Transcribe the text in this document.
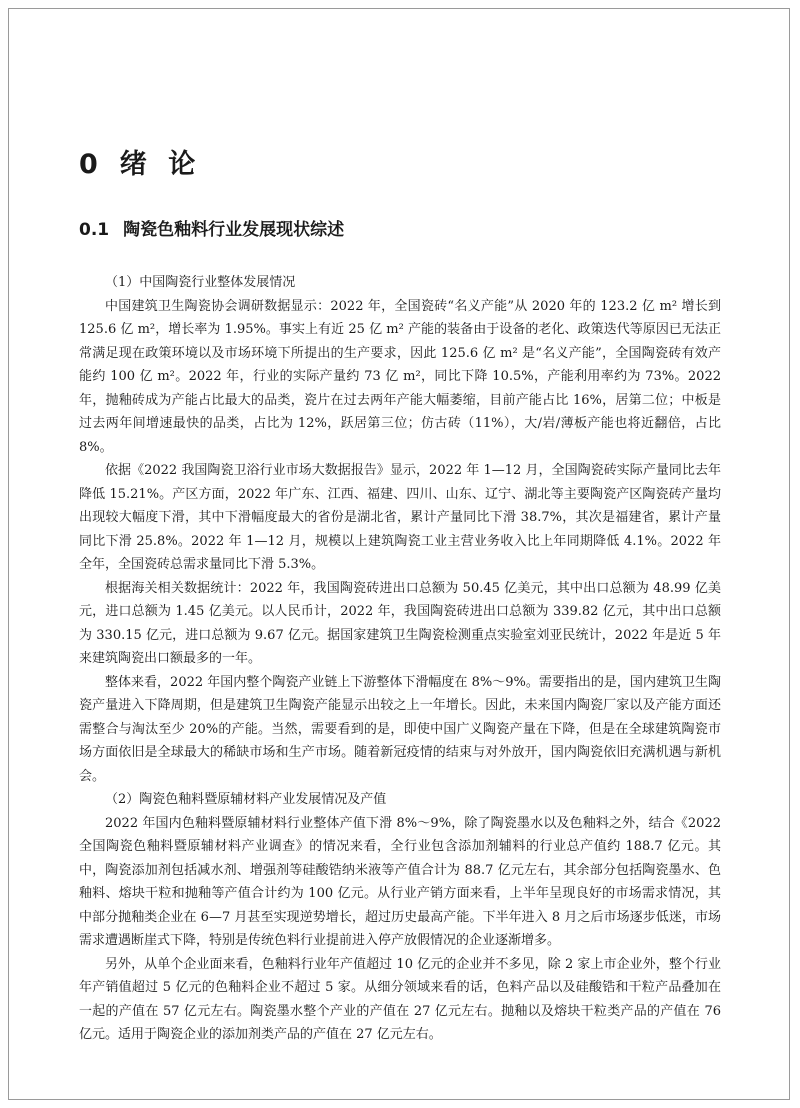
0 绪 论
0.1 陶瓷色釉料行业发展现状综述

（1）中国陶瓷行业整体发展情况

中国建筑卫生陶瓷协会调研数据显示：2022 年，全国瓷砖“名义产能”从 2020 年的 123.2 亿 m² 增长到 125.6 亿 m²，增长率为 1.95%。事实上有近 25 亿 m² 产能的装备由于设备的老化、政策迭代等原因已无法正常满足现在政策环境以及市场环境下所提出的生产要求，因此 125.6 亿 m² 是“名义产能”，全国陶瓷砖有效产能约 100 亿 m²。2022 年，行业的实际产量约 73 亿 m²，同比下降 10.5%，产能利用率约为 73%。2022 年，抛釉砖成为产能占比最大的品类，瓷片在过去两年产能大幅萎缩，目前产能占比 16%，居第二位；中板是过去两年间增速最快的品类，占比为 12%，跃居第三位；仿古砖（11%），大/岩/薄板产能也将近翻倍，占比 8%。

依据《2022 我国陶瓷卫浴行业市场大数据报告》显示，2022 年 1—12 月，全国陶瓷砖实际产量同比去年降低 15.21%。产区方面，2022 年广东、江西、福建、四川、山东、辽宁、湖北等主要陶瓷产区陶瓷砖产量均出现较大幅度下滑，其中下滑幅度最大的省份是湖北省，累计产量同比下滑 38.7%，其次是福建省，累计产量同比下滑 25.8%。2022 年 1—12 月，规模以上建筑陶瓷工业主营业务收入比上年同期降低 4.1%。2022 年全年，全国瓷砖总需求量同比下滑 5.3%。

根据海关相关数据统计：2022 年，我国陶瓷砖进出口总额为 50.45 亿美元，其中出口总额为 48.99 亿美元，进口总额为 1.45 亿美元。以人民币计，2022 年，我国陶瓷砖进出口总额为 339.82 亿元，其中出口总额为 330.15 亿元，进口总额为 9.67 亿元。据国家建筑卫生陶瓷检测重点实验室刘亚民统计，2022 年是近 5 年来建筑陶瓷出口额最多的一年。

整体来看，2022 年国内整个陶瓷产业链上下游整体下滑幅度在 8%～9%。需要指出的是，国内建筑卫生陶瓷产量进入下降周期，但是建筑卫生陶瓷产能显示出较之上一年增长。因此，未来国内陶瓷厂家以及产能方面还需整合与淘汰至少 20%的产能。当然，需要看到的是，即使中国广义陶瓷产量在下降，但是在全球建筑陶瓷市场方面依旧是全球最大的稀缺市场和生产市场。随着新冠疫情的结束与对外放开，国内陶瓷依旧充满机遇与新机会。

（2）陶瓷色釉料暨原辅材料产业发展情况及产值

2022 年国内色釉料暨原辅材料行业整体产值下滑 8%～9%，除了陶瓷墨水以及色釉料之外，结合《2022 全国陶瓷色釉料暨原辅材料产业调查》的情况来看，全行业包含添加剂辅料的行业总产值约 188.7 亿元。其中，陶瓷添加剂包括减水剂、增强剂等硅酸锆纳米液等产值合计为 88.7 亿元左右，其余部分包括陶瓷墨水、色釉料、熔块干粒和抛釉等产值合计约为 100 亿元。从行业产销方面来看，上半年呈现良好的市场需求情况，其中部分抛釉类企业在 6—7 月甚至实现逆势增长，超过历史最高产能。下半年进入 8 月之后市场逐步低迷，市场需求遭遇断崖式下降，特别是传统色料行业提前进入停产放假情况的企业逐渐增多。

另外，从单个企业面来看，色釉料行业年产值超过 10 亿元的企业并不多见，除 2 家上市企业外，整个行业年产销值超过 5 亿元的色釉料企业不超过 5 家。从细分领域来看的话，色料产品以及硅酸锆和干粒产品叠加在一起的产值在 57 亿元左右。陶瓷墨水整个产业的产值在 27 亿元左右。抛釉以及熔块干粒类产品的产值在 76 亿元。适用于陶瓷企业的添加剂类产品的产值在 27 亿元左右。
